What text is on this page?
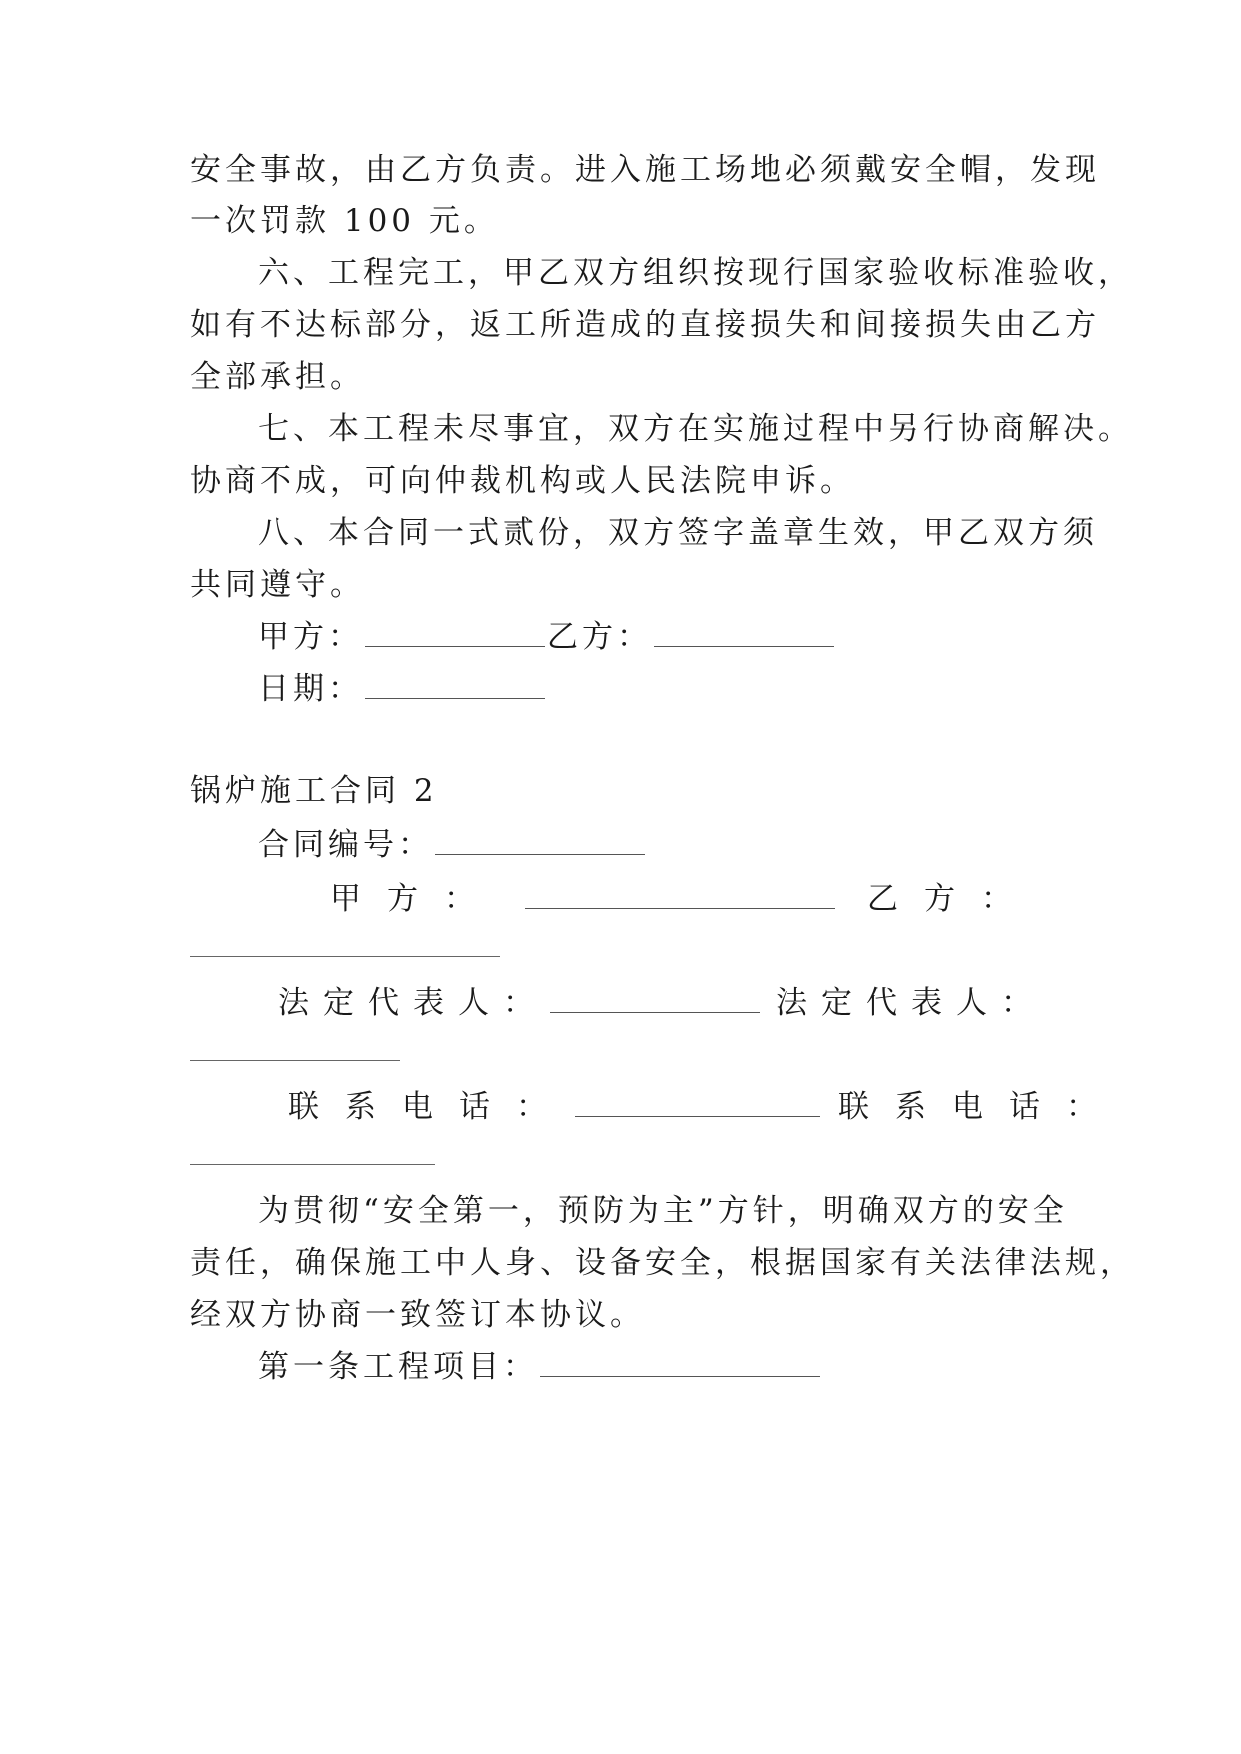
安全事故，由乙方负责。进入施工场地必须戴安全帽，发现
一次罚款 100 元。
六、工程完工，甲乙双方组织按现行国家验收标准验收，
如有不达标部分，返工所造成的直接损失和间接损失由乙方
全部承担。
七、本工程未尽事宜，双方在实施过程中另行协商解决。
协商不成，可向仲裁机构或人民法院申诉。
八、本合同一式贰份，双方签字盖章生效，甲乙双方须
共同遵守。
甲方：	乙方：
日期：
锅炉施工合同 2
合同编号：
甲方：	乙方：
法定代表人：	法定代表人：
联系电话：	联系电话：
为贯彻“安全第一，预防为主”方针，明确双方的安全
责任，确保施工中人身、设备安全，根据国家有关法律法规，
经双方协商一致签订本协议。
第一条工程项目：
